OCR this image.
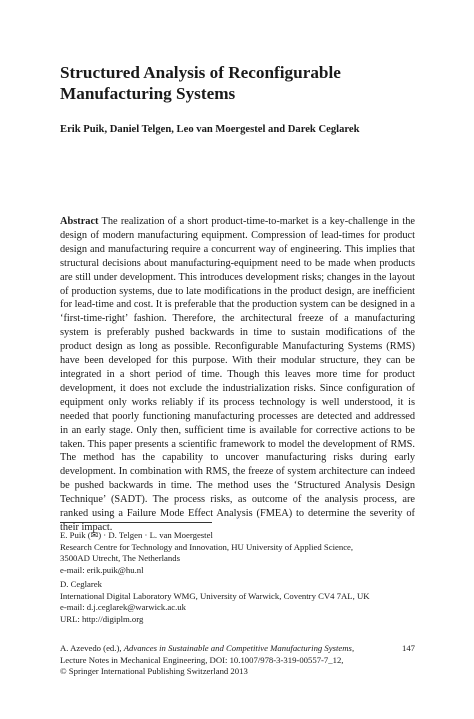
Structured Analysis of Reconfigurable
Manufacturing Systems

Erik Puik, Daniel Telgen, Leo van Moergestel and Darek Ceglarek

Abstract The realization of a short product-time-to-market is a key-challenge in the design of modern manufacturing equipment. Compression of lead-times for product design and manufacturing require a concurrent way of engineering. This implies that structural decisions about manufacturing-equipment need to be made when products are still under development. This introduces development risks; changes in the layout of production systems, due to late modifications in the product design, are inefficient for lead-time and cost. It is preferable that the production system can be designed in a ‘first-time-right’ fashion. Therefore, the architectural freeze of a manufacturing system is preferably pushed backwards in time to sustain modifications of the product design as long as possible. Reconfigurable Manufacturing Systems (RMS) have been developed for this purpose. With their modular structure, they can be integrated in a short period of time. Though this leaves more time for product development, it does not exclude the industrialization risks. Since configuration of equipment only works reliably if its process technology is well understood, it is needed that poorly functioning manufacturing processes are detected and addressed in an early stage. Only then, sufficient time is available for corrective actions to be taken. This paper presents a scientific framework to model the development of RMS. The method has the capability to uncover manufacturing risks during early development. In combination with RMS, the freeze of system architecture can indeed be pushed backwards in time. The method uses the ‘Structured Analysis Design Technique’ (SADT). The process risks, as outcome of the analysis process, are ranked using a Failure Mode Effect Analysis (FMEA) to determine the severity of their impact.

E. Puik (✉) · D. Telgen · L. van Moergestel
Research Centre for Technology and Innovation, HU University of Applied Science,
3500AD Utrecht, The Netherlands
e-mail: erik.puik@hu.nl
D. Ceglarek
International Digital Laboratory WMG, University of Warwick, Coventry CV4 7AL, UK
e-mail: d.j.ceglarek@warwick.ac.uk
URL: http://digiplm.org
A. Azevedo (ed.), Advances in Sustainable and Competitive Manufacturing Systems,
Lecture Notes in Mechanical Engineering, DOI: 10.1007/978-3-319-00557-7_12,
© Springer International Publishing Switzerland 2013
147
